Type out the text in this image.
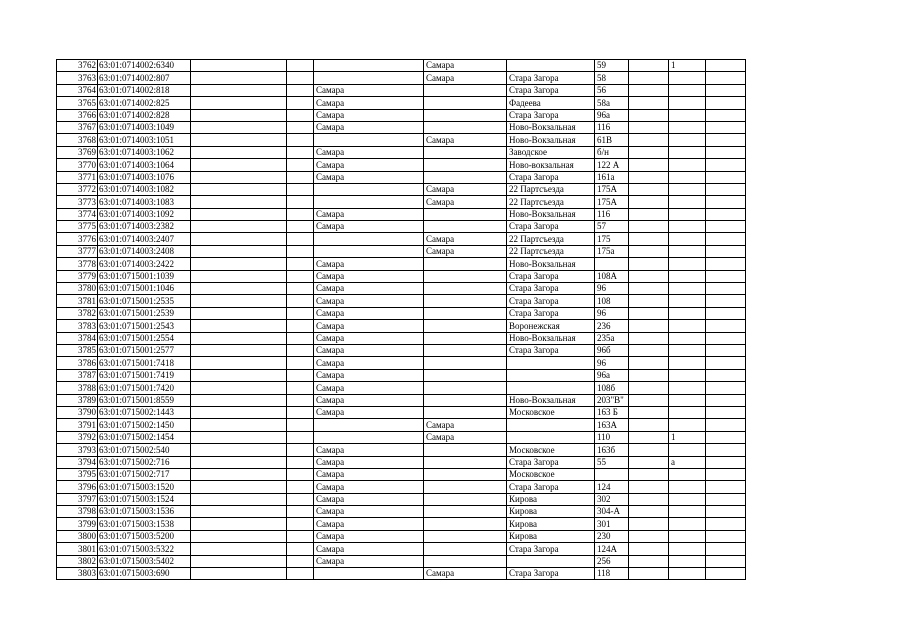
3762	63:01:0714002:6340				Самара		59		1	
3763	63:01:0714002:807				Самара	Стара Загора	58			
3764	63:01:0714002:818			Самара		Стара Загора	56			
3765	63:01:0714002:825			Самара		Фадеева	58а			
3766	63:01:0714002:828			Самара		Стара Загора	96а			
3767	63:01:0714003:1049			Самара		Ново-Вокзальная	116			
3768	63:01:0714003:1051				Самара	Ново-Вокзальная	61В			
3769	63:01:0714003:1062			Самара		Заводское	б/н			
3770	63:01:0714003:1064			Самара		Ново-вокзальная	122 А			
3771	63:01:0714003:1076			Самара		Стара Загора	161а			
3772	63:01:0714003:1082				Самара	22 Партсъезда	175А			
3773	63:01:0714003:1083				Самара	22 Партсъезда	175А			
3774	63:01:0714003:1092			Самара		Ново-Вокзальная	116			
3775	63:01:0714003:2382			Самара		Стара Загора	57			
3776	63:01:0714003:2407				Самара	22 Партсъезда	175			
3777	63:01:0714003:2408				Самара	22 Партсъезда	175а			
3778	63:01:0714003:2422			Самара		Ново-Вокзальная				
3779	63:01:0715001:1039			Самара		Стара Загора	108А			
3780	63:01:0715001:1046			Самара		Стара Загора	96			
3781	63:01:0715001:2535			Самара		Стара Загора	108			
3782	63:01:0715001:2539			Самара		Стара Загора	96			
3783	63:01:0715001:2543			Самара		Воронежская	236			
3784	63:01:0715001:2554			Самара		Ново-Вокзальная	235а			
3785	63:01:0715001:2577			Самара		Стара Загора	96б			
3786	63:01:0715001:7418			Самара			96			
3787	63:01:0715001:7419			Самара			96а			
3788	63:01:0715001:7420			Самара			108б			
3789	63:01:0715001:8559			Самара		Ново-Вокзальная	203"В"			
3790	63:01:0715002:1443			Самара		Московское	163 Б			
3791	63:01:0715002:1450				Самара		163А			
3792	63:01:0715002:1454				Самара		110		1	
3793	63:01:0715002:540			Самара		Московское	163б			
3794	63:01:0715002:716			Самара		Стара Загора	55		а	
3795	63:01:0715002:717			Самара		Московское				
3796	63:01:0715003:1520			Самара		Стара Загора	124			
3797	63:01:0715003:1524			Самара		Кирова	302			
3798	63:01:0715003:1536			Самара		Кирова	304-А			
3799	63:01:0715003:1538			Самара		Кирова	301			
3800	63:01:0715003:5200			Самара		Кирова	230			
3801	63:01:0715003:5322			Самара		Стара Загора	124А			
3802	63:01:0715003:5402			Самара			256			
3803	63:01:0715003:690				Самара	Стара Загора	118			
